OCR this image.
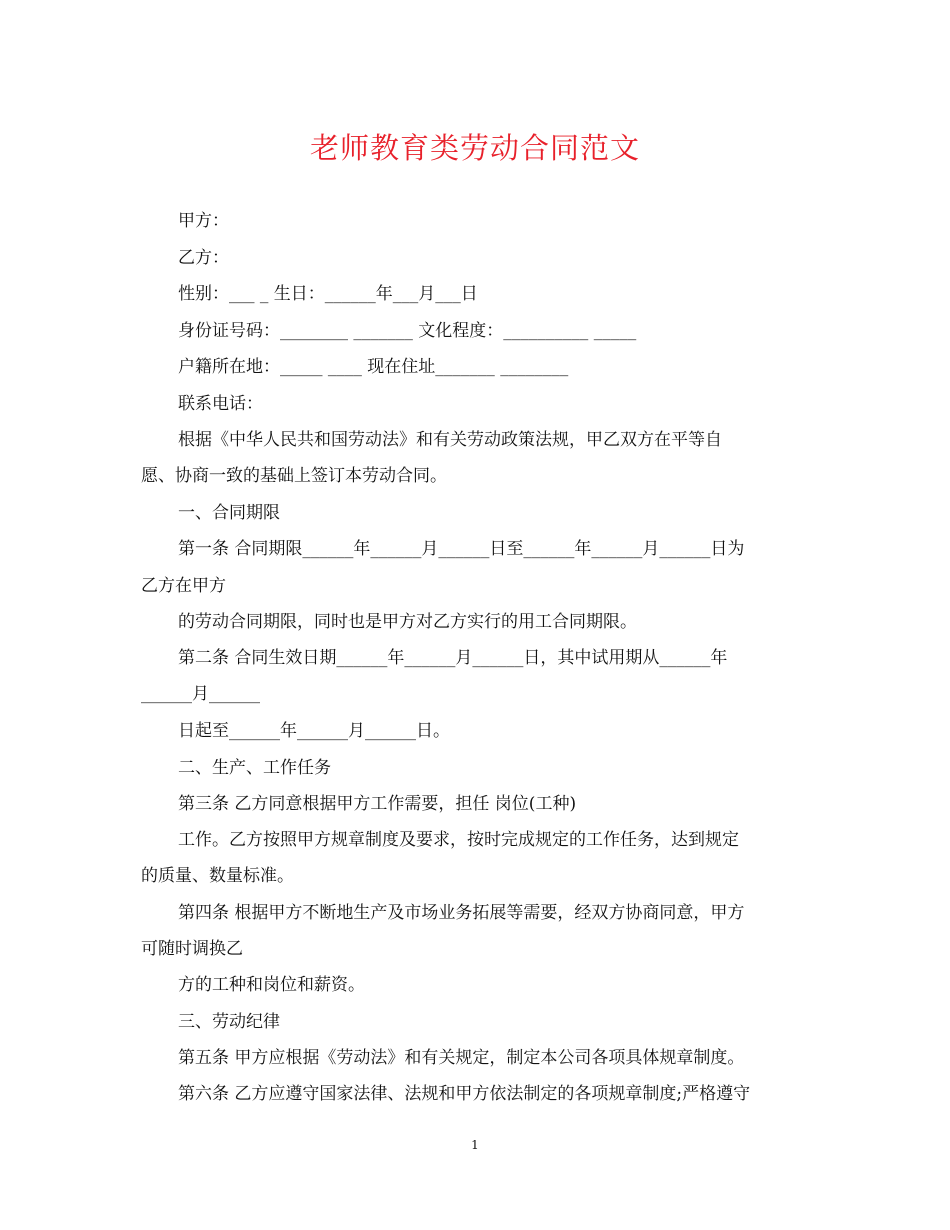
老师教育类劳动合同范文

甲方：

乙方：

性别：___ _ 生日：______年___月___日

身份证号码：________ _______ 文化程度：__________ _____

户籍所在地：_____ ____ 现在住址_______ ________

联系电话：

根据《中华人民共和国劳动法》和有关劳动政策法规，甲乙双方在平等自

愿、协商一致的基础上签订本劳动合同。

一、合同期限

第一条 合同期限______年______月______日至______年______月______日为

乙方在甲方

的劳动合同期限，同时也是甲方对乙方实行的用工合同期限。

第二条 合同生效日期______年______月______日，其中试用期从______年

______月______

日起至______年______月______日。

二、生产、工作任务

第三条 乙方同意根据甲方工作需要，担任 岗位(工种)

工作。乙方按照甲方规章制度及要求，按时完成规定的工作任务，达到规定

的质量、数量标准。

第四条 根据甲方不断地生产及市场业务拓展等需要，经双方协商同意，甲方

可随时调换乙

方的工种和岗位和薪资。

三、劳动纪律

第五条 甲方应根据《劳动法》和有关规定，制定本公司各项具体规章制度。

第六条 乙方应遵守国家法律、法规和甲方依法制定的各项规章制度;严格遵守

1
